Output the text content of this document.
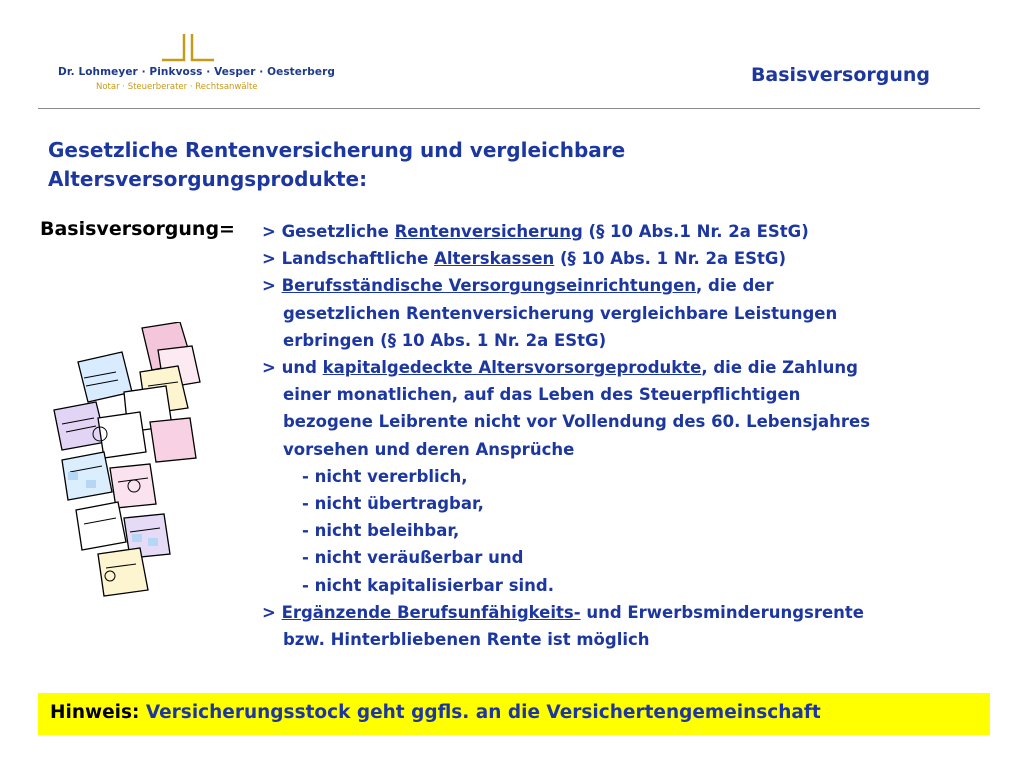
Dr. Lohmeyer · Pinkvoss · Vesper · Oesterberg
Notar · Steuerberater · Rechtsanwälte
Basisversorgung
Gesetzliche Rentenversicherung und vergleichbare
Altersversorgungsprodukte:
Basisversorgung= > Gesetzliche Rentenversicherung (§ 10 Abs.1 Nr. 2a EStG)
> Landschaftliche Alterskassen (§ 10 Abs. 1 Nr. 2a EStG)
> Berufsständische Versorgungseinrichtungen, die der
gesetzlichen Rentenversicherung vergleichbare Leistungen
erbringen (§ 10 Abs. 1 Nr. 2a EStG)
> und kapitalgedeckte Altersvorsorgeprodukte, die die Zahlung
einer monatlichen, auf das Leben des Steuerpflichtigen
bezogene Leibrente nicht vor Vollendung des 60. Lebensjahres
vorsehen und deren Ansprüche
- nicht vererblich,
- nicht übertragbar,
- nicht beleihbar,
- nicht veräußerbar und
- nicht kapitalisierbar sind.
> Ergänzende Berufsunfähigkeits- und Erwerbsminderungsrente
bzw. Hinterbliebenen Rente ist möglich
Hinweis: Versicherungsstock geht ggfls. an die Versichertengemeinschaft
